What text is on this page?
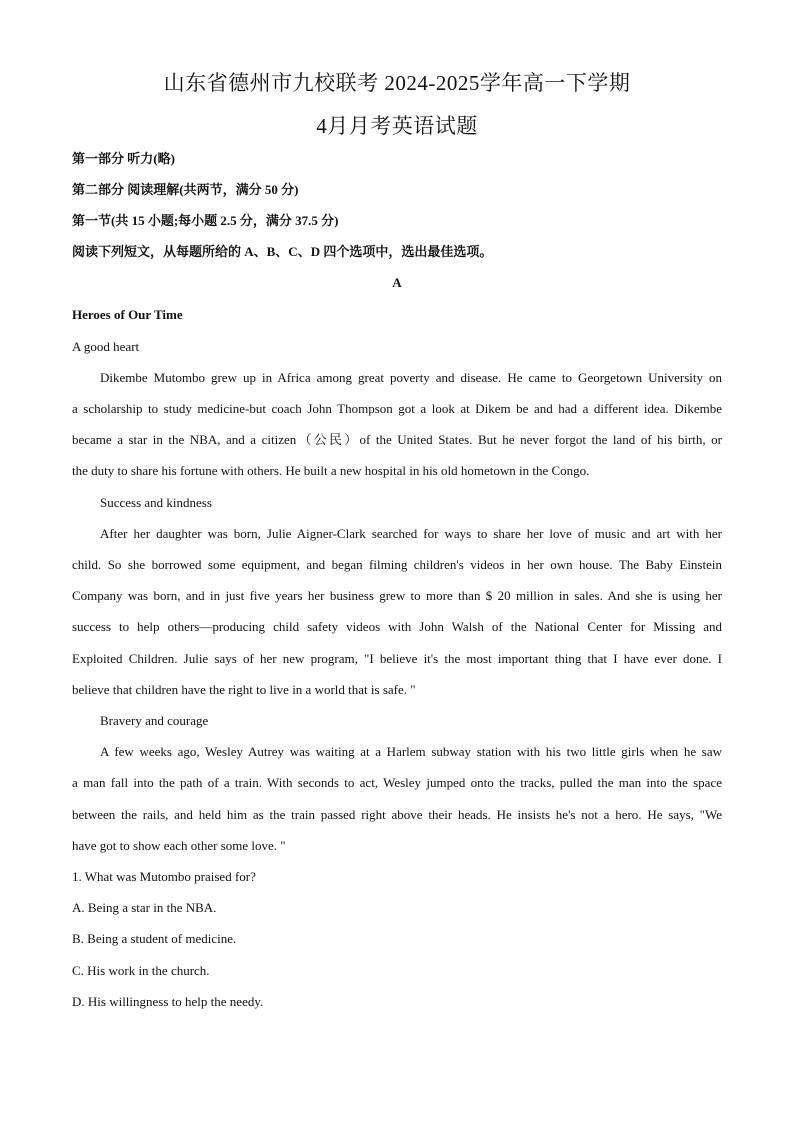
山东省德州市九校联考 2024-2025学年高一下学期
4月月考英语试题
第一部分 听力(略)
第二部分 阅读理解(共两节，满分 50 分)
第一节(共 15 小题;每小题 2.5 分，满分 37.5 分)
阅读下列短文，从每题所给的 A、B、C、D 四个选项中，选出最佳选项。
A
Heroes of Our Time
A good heart
Dikembe Mutombo grew up in Africa among great poverty and disease. He came to Georgetown University on
a scholarship to study medicine-but coach John Thompson got a look at Dikem be and had a different idea. Dikembe
became a star in the NBA, and a citizen（公民）of the United States. But he never forgot the land of his birth, or
the duty to share his fortune with others. He built a new hospital in his old hometown in the Congo.
Success and kindness
After her daughter was born, Julie Aigner-Clark searched for ways to share her love of music and art with her
child. So she borrowed some equipment, and began filming children's videos in her own house. The Baby Einstein
Company was born, and in just five years her business grew to more than $ 20 million in sales. And she is using her
success to help others—producing child safety videos with John Walsh of the National Center for Missing and
Exploited Children. Julie says of her new program, "I believe it's the most important thing that I have ever done. I
believe that children have the right to live in a world that is safe. "
Bravery and courage
A few weeks ago, Wesley Autrey was waiting at a Harlem subway station with his two little girls when he saw
a man fall into the path of a train. With seconds to act, Wesley jumped onto the tracks, pulled the man into the space
between the rails, and held him as the train passed right above their heads. He insists he's not a hero. He says, "We
have got to show each other some love. "
1. What was Mutombo praised for?
A. Being a star in the NBA.
B. Being a student of medicine.
C. His work in the church.
D. His willingness to help the needy.
